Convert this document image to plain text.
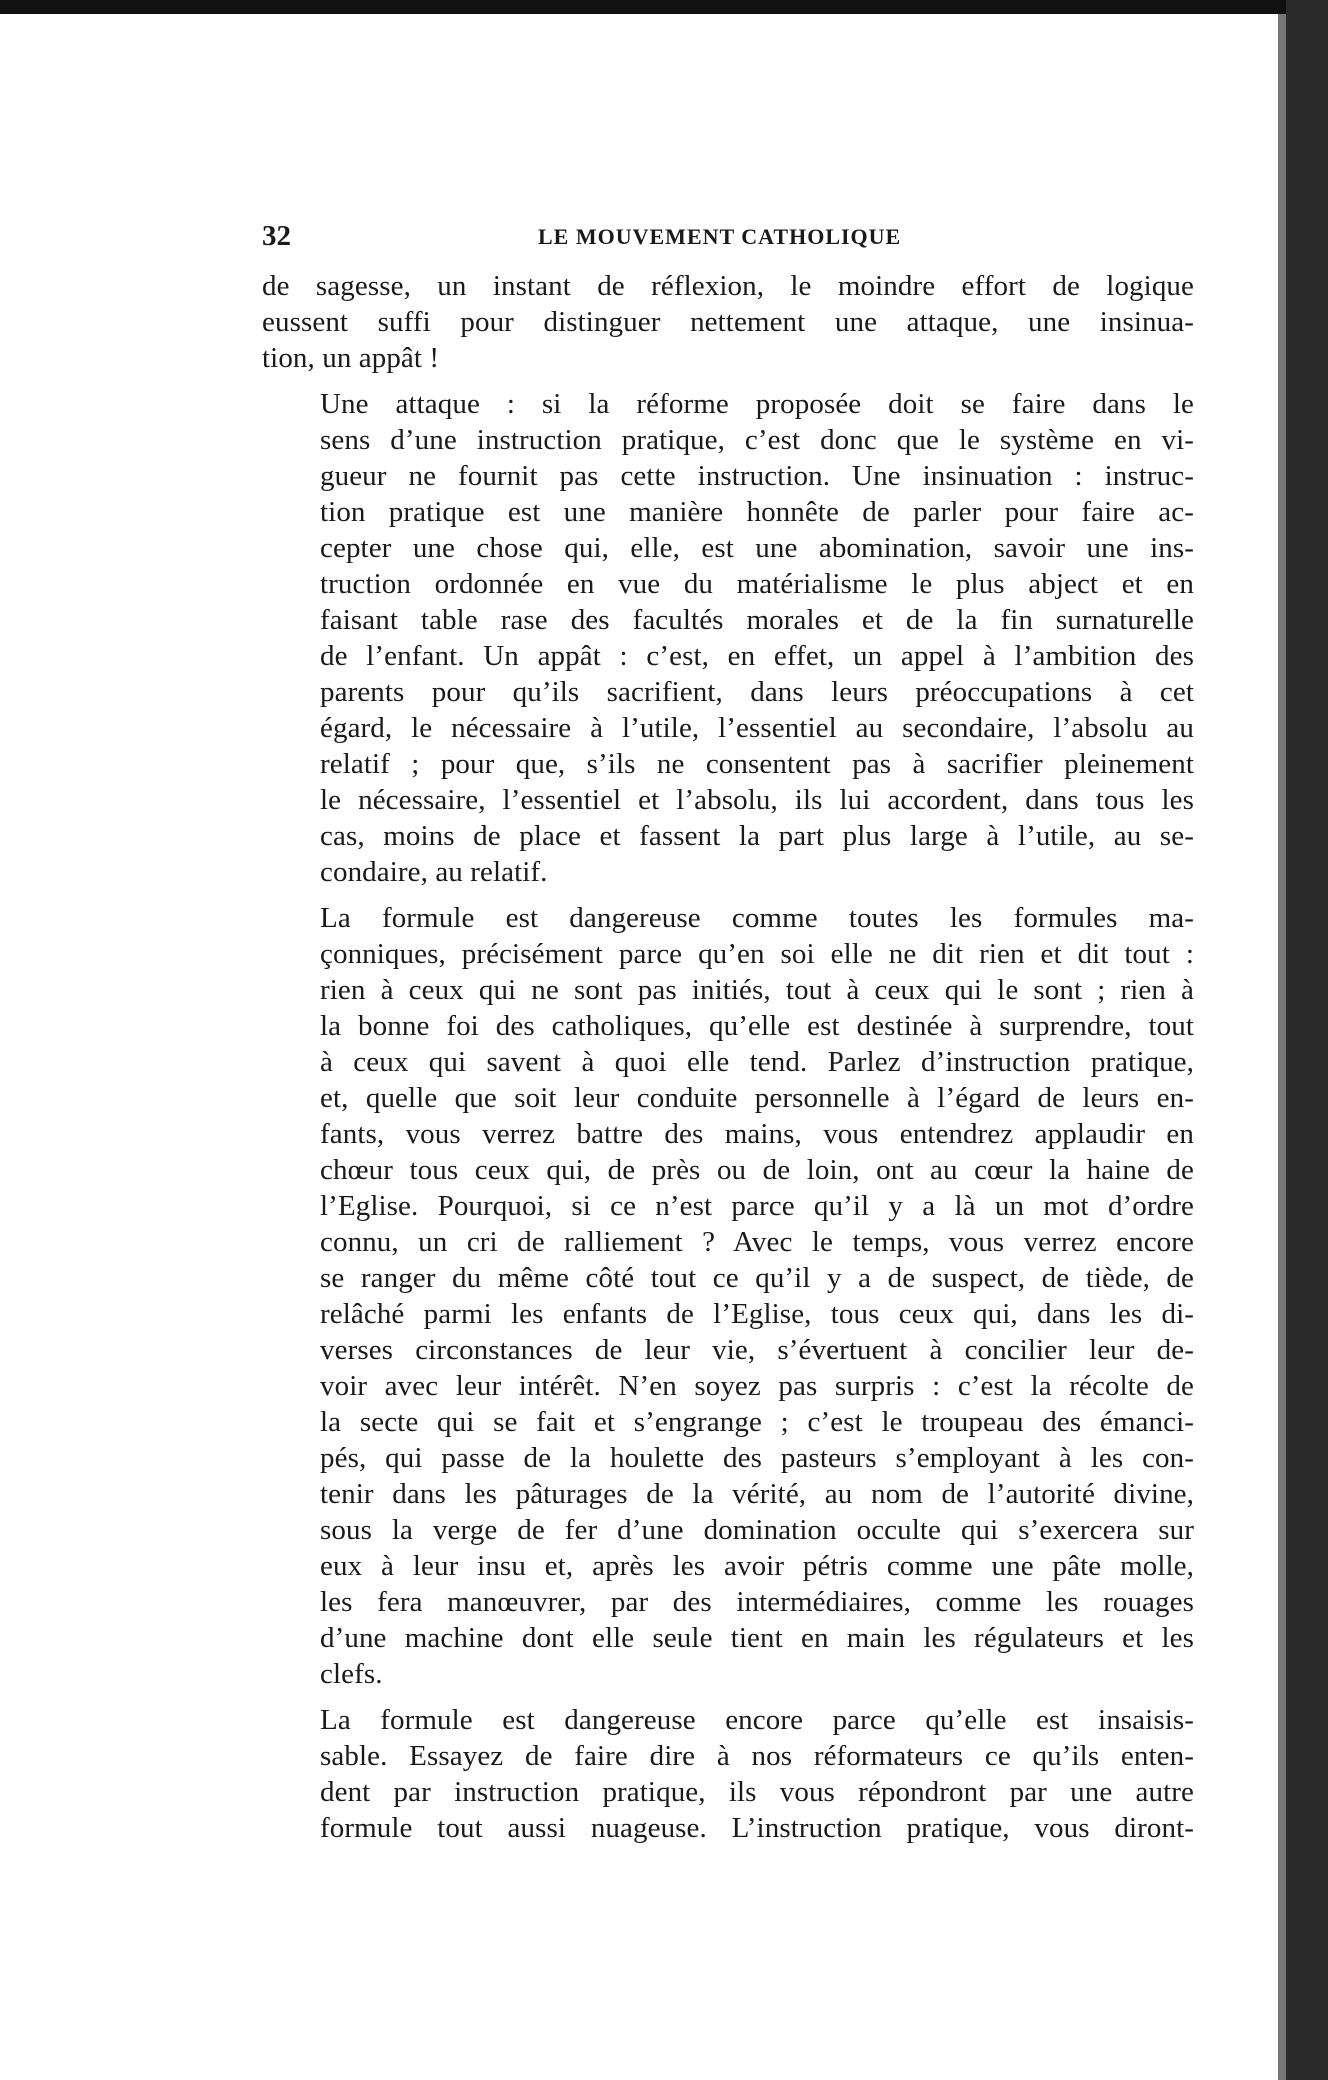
32	LE MOUVEMENT CATHOLIQUE

de sagesse, un instant de réflexion, le moindre effort de logique
eussent suffi pour distinguer nettement une attaque, une insinua-
tion, un appât !

Une attaque : si la réforme proposée doit se faire dans le
sens d’une instruction pratique, c’est donc que le système en vi-
gueur ne fournit pas cette instruction. Une insinuation : instruc-
tion pratique est une manière honnête de parler pour faire ac-
cepter une chose qui, elle, est une abomination, savoir une ins-
truction ordonnée en vue du matérialisme le plus abject et en
faisant table rase des facultés morales et de la fin surnaturelle
de l’enfant. Un appât : c’est, en effet, un appel à l’ambition des
parents pour qu’ils sacrifient, dans leurs préoccupations à cet
égard, le nécessaire à l’utile, l’essentiel au secondaire, l’absolu au
relatif ; pour que, s’ils ne consentent pas à sacrifier pleinement
le nécessaire, l’essentiel et l’absolu, ils lui accordent, dans tous les
cas, moins de place et fassent la part plus large à l’utile, au se-
condaire, au relatif.

La formule est dangereuse comme toutes les formules ma-
çonniques, précisément parce qu’en soi elle ne dit rien et dit tout :
rien à ceux qui ne sont pas initiés, tout à ceux qui le sont ; rien à
la bonne foi des catholiques, qu’elle est destinée à surprendre, tout
à ceux qui savent à quoi elle tend. Parlez d’instruction pratique,
et, quelle que soit leur conduite personnelle à l’égard de leurs en-
fants, vous verrez battre des mains, vous entendrez applaudir en
chœur tous ceux qui, de près ou de loin, ont au cœur la haine de
l’Eglise. Pourquoi, si ce n’est parce qu’il y a là un mot d’ordre
connu, un cri de ralliement ? Avec le temps, vous verrez encore
se ranger du même côté tout ce qu’il y a de suspect, de tiède, de
relâché parmi les enfants de l’Eglise, tous ceux qui, dans les di-
verses circonstances de leur vie, s’évertuent à concilier leur de-
voir avec leur intérêt. N’en soyez pas surpris : c’est la récolte de
la secte qui se fait et s’engrange ; c’est le troupeau des émanci-
pés, qui passe de la houlette des pasteurs s’employant à les con-
tenir dans les pâturages de la vérité, au nom de l’autorité divine,
sous la verge de fer d’une domination occulte qui s’exercera sur
eux à leur insu et, après les avoir pétris comme une pâte molle,
les fera manœuvrer, par des intermédiaires, comme les rouages
d’une machine dont elle seule tient en main les régulateurs et les
clefs.

La formule est dangereuse encore parce qu’elle est insaisis-
sable. Essayez de faire dire à nos réformateurs ce qu’ils enten-
dent par instruction pratique, ils vous répondront par une autre
formule tout aussi nuageuse. L’instruction pratique, vous diront-
